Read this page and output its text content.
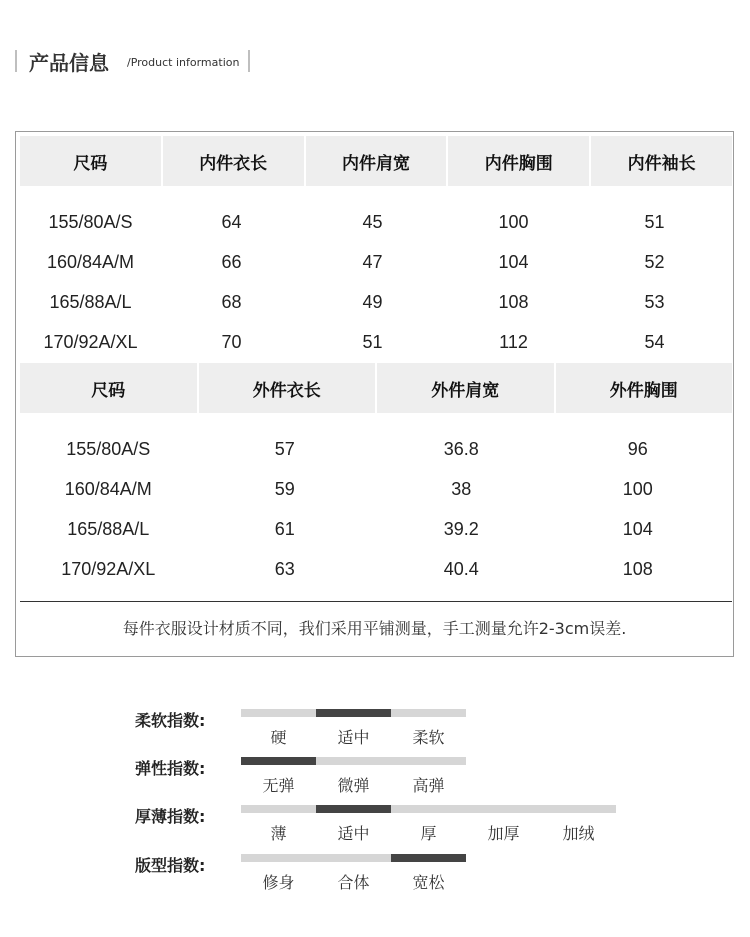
产品信息 /Product information
尺码	内件衣长	内件肩宽	内件胸围	内件袖长
155/80A/S	64	45	100	51
160/84A/M	66	47	104	52
165/88A/L	68	49	108	53
170/92A/XL	70	51	112	54
尺码	外件衣长	外件肩宽	外件胸围
155/80A/S	57	36.8	96
160/84A/M	59	38	100
165/88A/L	61	39.2	104
170/92A/XL	63	40.4	108
每件衣服设计材质不同，我们采用平铺测量，手工测量允许2-3cm误差.
柔软指数:
硬	适中	柔软
弹性指数:
无弹	微弹	高弹
厚薄指数:
薄	适中	厚	加厚	加绒
版型指数:
修身	合体	宽松
